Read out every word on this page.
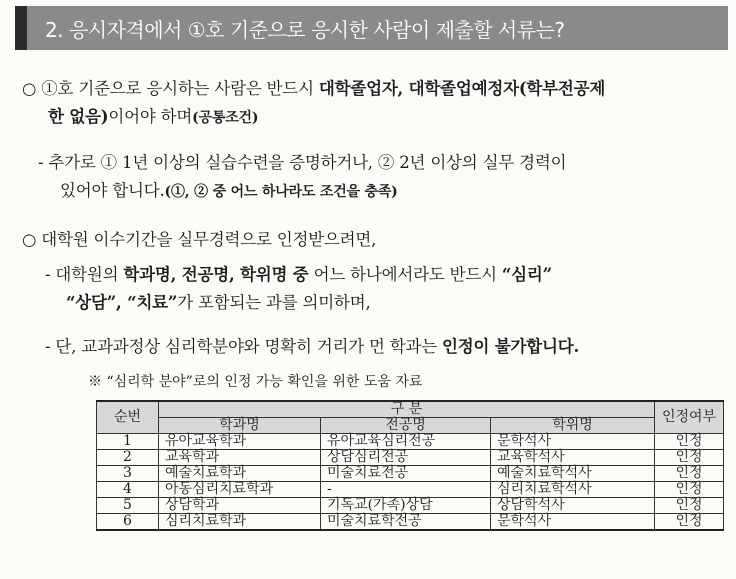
2. 응시자격에서 ①호 기준으로 응시한 사람이 제출할 서류는?
○ ①호 기준으로 응시하는 사람은 반드시 대학졸업자, 대학졸업예정자(학부전공제
한 없음)이어야 하며(공통조건)
- 추가로 ① 1년 이상의 실습수련을 증명하거나, ② 2년 이상의 실무 경력이
있어야 합니다.(①, ② 중 어느 하나라도 조건을 충족)
○ 대학원 이수기간을 실무경력으로 인정받으려면,
- 대학원의 학과명, 전공명, 학위명 중 어느 하나에서라도 반드시 “심리”
“상담”, “치료”가 포함되는 과를 의미하며,
- 단, 교과과정상 심리학분야와 명확히 거리가 먼 학과는 인정이 불가합니다.
※ “심리학 분야”로의 인정 가능 확인을 위한 도움 자료
순번	구 분			인정여부
	학과명	전공명	학위명	
1	유아교육학과	유아교육심리전공	문학석사	인정
2	교육학과	상담심리전공	교육학석사	인정
3	예술치료학과	미술치료전공	예술치료학석사	인정
4	아동심리치료학과	-	심리치료학석사	인정
5	상담학과	기독교(가족)상담	상담학석사	인정
6	심리치료학과	미술치료학전공	문학석사	인정
